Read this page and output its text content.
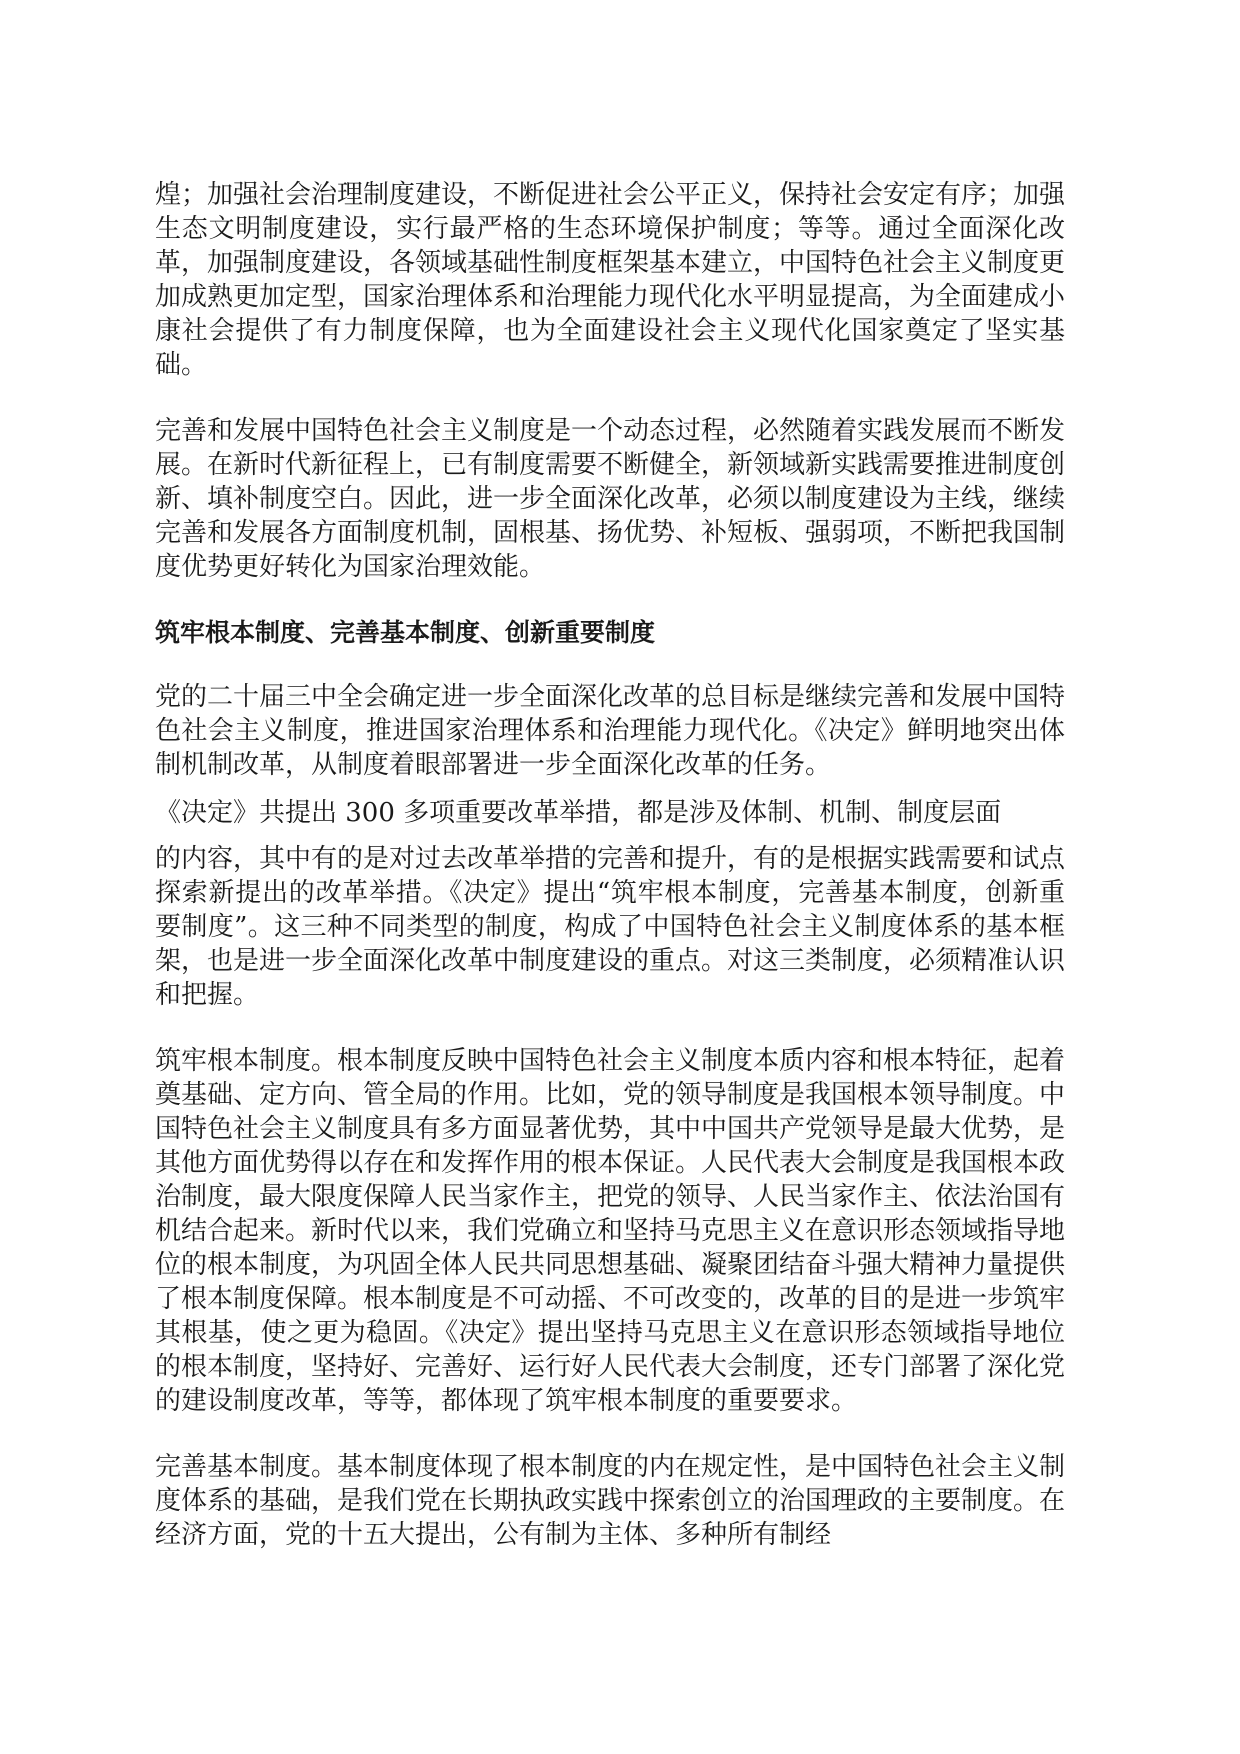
煌；加强社会治理制度建设，不断促进社会公平正义，保持社会安定有序；加强生态文明制度建设，实行最严格的生态环境保护制度；等等。通过全面深化改革，加强制度建设，各领域基础性制度框架基本建立，中国特色社会主义制度更加成熟更加定型，国家治理体系和治理能力现代化水平明显提高，为全面建成小康社会提供了有力制度保障，也为全面建设社会主义现代化国家奠定了坚实基础。

完善和发展中国特色社会主义制度是一个动态过程，必然随着实践发展而不断发展。在新时代新征程上，已有制度需要不断健全，新领域新实践需要推进制度创新、填补制度空白。因此，进一步全面深化改革，必须以制度建设为主线，继续完善和发展各方面制度机制，固根基、扬优势、补短板、强弱项，不断把我国制度优势更好转化为国家治理效能。

筑牢根本制度、完善基本制度、创新重要制度

党的二十届三中全会确定进一步全面深化改革的总目标是继续完善和发展中国特色社会主义制度，推进国家治理体系和治理能力现代化。《决定》鲜明地突出体制机制改革，从制度着眼部署进一步全面深化改革的任务。

《决定》共提出 300 多项重要改革举措，都是涉及体制、机制、制度层面

的内容，其中有的是对过去改革举措的完善和提升，有的是根据实践需要和试点探索新提出的改革举措。《决定》提出“筑牢根本制度，完善基本制度，创新重要制度”。这三种不同类型的制度，构成了中国特色社会主义制度体系的基本框架，也是进一步全面深化改革中制度建设的重点。对这三类制度，必须精准认识和把握。

筑牢根本制度。根本制度反映中国特色社会主义制度本质内容和根本特征，起着奠基础、定方向、管全局的作用。比如，党的领导制度是我国根本领导制度。中国特色社会主义制度具有多方面显著优势，其中中国共产党领导是最大优势，是其他方面优势得以存在和发挥作用的根本保证。人民代表大会制度是我国根本政治制度，最大限度保障人民当家作主，把党的领导、人民当家作主、依法治国有机结合起来。新时代以来，我们党确立和坚持马克思主义在意识形态领域指导地位的根本制度，为巩固全体人民共同思想基础、凝聚团结奋斗强大精神力量提供了根本制度保障。根本制度是不可动摇、不可改变的，改革的目的是进一步筑牢其根基，使之更为稳固。《决定》提出坚持马克思主义在意识形态领域指导地位的根本制度，坚持好、完善好、运行好人民代表大会制度，还专门部署了深化党的建设制度改革，等等，都体现了筑牢根本制度的重要要求。

完善基本制度。基本制度体现了根本制度的内在规定性，是中国特色社会主义制度体系的基础，是我们党在长期执政实践中探索创立的治国理政的主要制度。在经济方面，党的十五大提出，公有制为主体、多种所有制经
